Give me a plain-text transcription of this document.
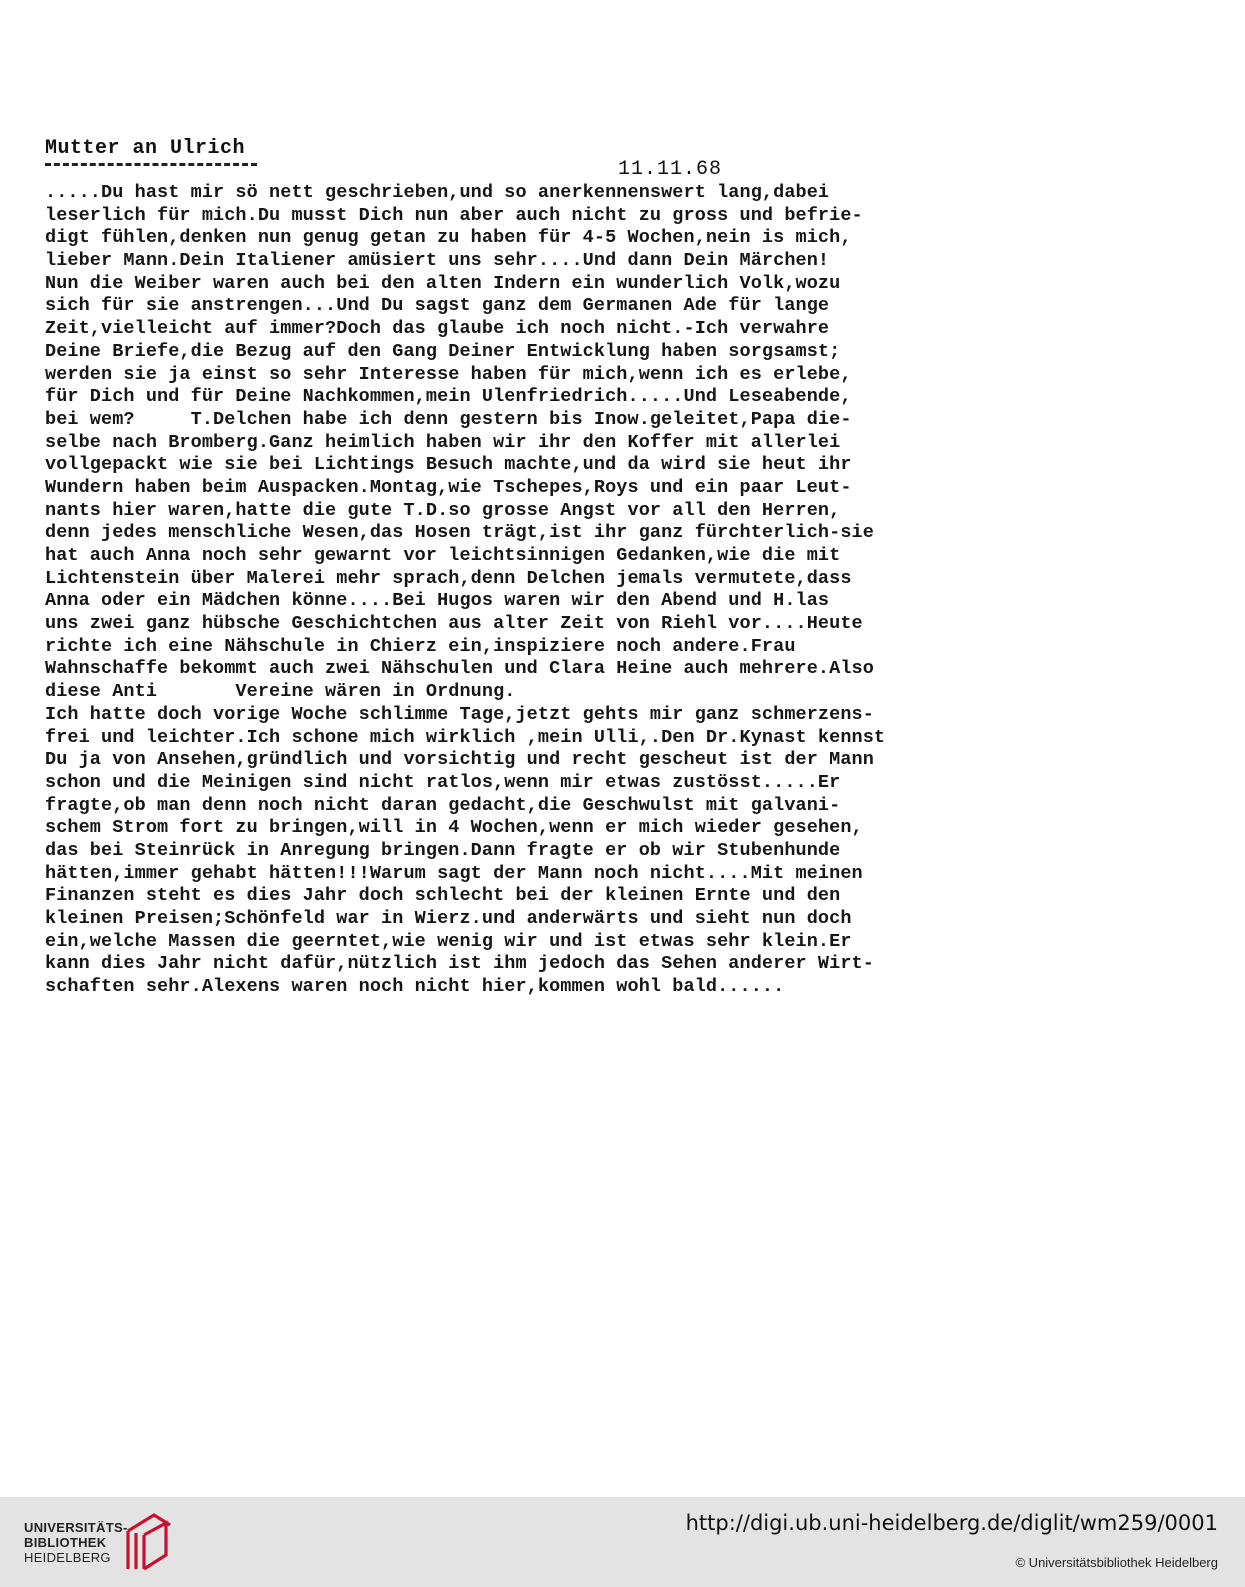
Mutter an Ulrich
11.11.68
.....Du hast mir sö nett geschrieben,und so anerkennenswert lang,dabei
leserlich für mich.Du musst Dich nun aber auch nicht zu gross und befrie-
digt fühlen,denken nun genug getan zu haben für 4-5 Wochen,nein is mich,
lieber Mann.Dein Italiener amüsiert uns sehr....Und dann Dein Märchen!
Nun die Weiber waren auch bei den alten Indern ein wunderlich Volk,wozu
sich für sie anstrengen...Und Du sagst ganz dem Germanen Ade für lange
Zeit,vielleicht auf immer?Doch das glaube ich noch nicht.-Ich verwahre
Deine Briefe,die Bezug auf den Gang Deiner Entwicklung haben sorgsamst;
werden sie ja einst so sehr Interesse haben für mich,wenn ich es erlebe,
für Dich und für Deine Nachkommen,mein Ulenfriedrich.....Und Leseabende,
bei wem?     T.Delchen habe ich denn gestern bis Inow.geleitet,Papa die-
selbe nach Bromberg.Ganz heimlich haben wir ihr den Koffer mit allerlei
vollgepackt wie sie bei Lichtings Besuch machte,und da wird sie heut ihr
Wundern haben beim Auspacken.Montag,wie Tschepes,Roys und ein paar Leut-
nants hier waren,hatte die gute T.D.so grosse Angst vor all den Herren,
denn jedes menschliche Wesen,das Hosen trägt,ist ihr ganz fürchterlich-sie
hat auch Anna noch sehr gewarnt vor leichtsinnigen Gedanken,wie die mit
Lichtenstein über Malerei mehr sprach,denn Delchen jemals vermutete,dass
Anna oder ein Mädchen könne....Bei Hugos waren wir den Abend und H.las
uns zwei ganz hübsche Geschichtchen aus alter Zeit von Riehl vor....Heute
richte ich eine Nähschule in Chierz ein,inspiziere noch andere.Frau
Wahnschaffe bekommt auch zwei Nähschulen und Clara Heine auch mehrere.Also
diese Anti       Vereine wären in Ordnung.
Ich hatte doch vorige Woche schlimme Tage,jetzt gehts mir ganz schmerzens-
frei und leichter.Ich schone mich wirklich ,mein Ulli,.Den Dr.Kynast kennst
Du ja von Ansehen,gründlich und vorsichtig und recht gescheut ist der Mann
schon und die Meinigen sind nicht ratlos,wenn mir etwas zustösst.....Er
fragte,ob man denn noch nicht daran gedacht,die Geschwulst mit galvani-
schem Strom fort zu bringen,will in 4 Wochen,wenn er mich wieder gesehen,
das bei Steinrück in Anregung bringen.Dann fragte er ob wir Stubenhunde
hätten,immer gehabt hätten!!!Warum sagt der Mann noch nicht....Mit meinen
Finanzen steht es dies Jahr doch schlecht bei der kleinen Ernte und den
kleinen Preisen;Schönfeld war in Wierz.und anderwärts und sieht nun doch
ein,welche Massen die geerntet,wie wenig wir und ist etwas sehr klein.Er
kann dies Jahr nicht dafür,nützlich ist ihm jedoch das Sehen anderer Wirt-
schaften sehr.Alexens waren noch nicht hier,kommen wohl bald......
UNIVERSITÄTS-
BIBLIOTHEK
HEIDELBERG
http://digi.ub.uni-heidelberg.de/diglit/wm259/0001
© Universitätsbibliothek Heidelberg
